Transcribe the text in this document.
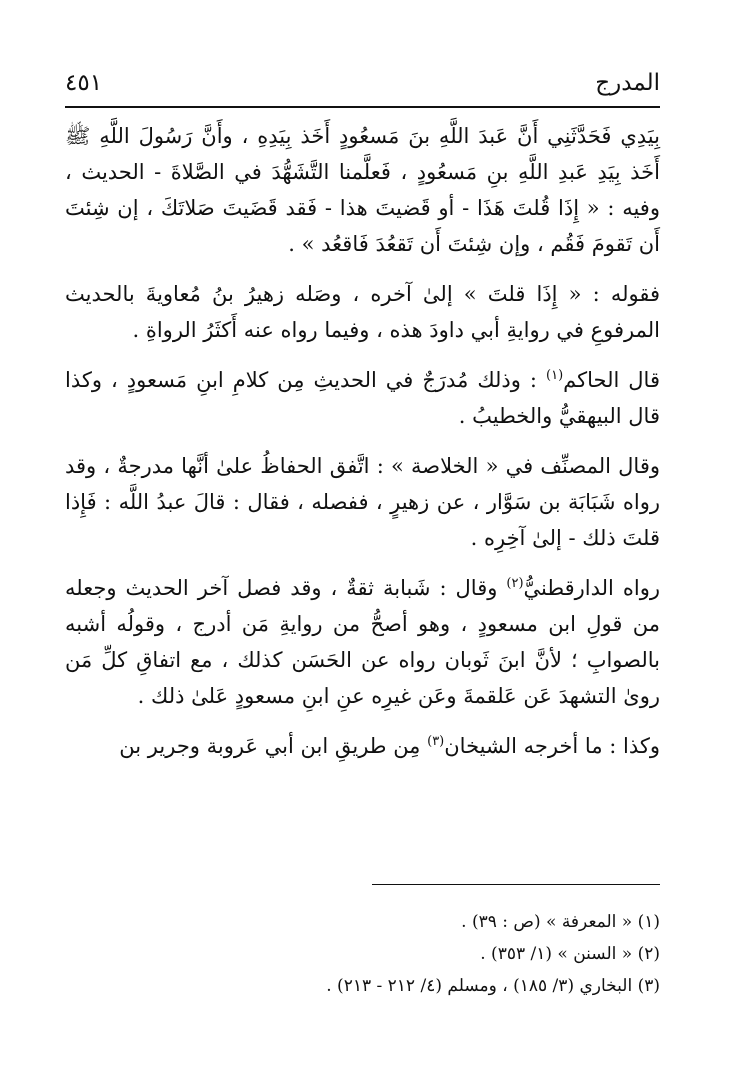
المدرج
٤٥١

بِيَدِي فَحَدَّثَنِي أَنَّ عَبدَ اللَّهِ بنَ مَسعُودٍ أَخَذ بِيَدِهِ ، وأَنَّ رَسُولَ اللَّهِ ﷺ أَخَذ بِيَدِ عَبدِ اللَّهِ بنِ مَسعُودٍ ، فَعلَّمنا التَّشَهُّدَ في الصَّلاةَ - الحديث ، وفيه : « إِذَا قُلتَ هَذَا - أو قَضيتَ هذا - فَقد قَضَيتَ صَلاتَكَ ، إن شِئتَ أَن تَقومَ فَقُم ، وإن شِئتَ أَن تَقعُدَ فَاقعُد » .

فقوله : « إِذَا قلتَ » إلىٰ آخره ، وصَله زهيرُ بنُ مُعاويةَ بالحديث المرفوعِ في روايةِ أبي داودَ هذه ، وفيما رواه عنه أَكثَرُ الرواةِ .

قال الحاكم$^{(١)}$ : وذلك مُدرَجٌ في الحديثِ مِن كلامِ ابنِ مَسعودٍ ، وكذا قال البيهقيُّ والخطيبُ .

وقال المصنِّف في « الخلاصة » : اتَّفق الحفاظُ علىٰ أنَّها مدرجةٌ ، وقد رواه شَبَابَة بن سَوَّار ، عن زهيرٍ ، ففصله ، فقال : قالَ عبدُ اللَّه : فَإِذا قلتَ ذلك - إلىٰ آخِرِه .

رواه الدارقطنيُّ$^{(٢)}$ وقال : شَبابة ثقةٌ ، وقد فصل آخر الحديث وجعله من قولِ ابن مسعودٍ ، وهو أصحُّ من روايةِ مَن أدرج ، وقولُه أشبه بالصوابِ ؛ لأنَّ ابنَ ثَوبان رواه عن الحَسَن كذلك ، مع اتفاقِ كلِّ مَن روىٰ التشهدَ عَن عَلقمةَ وعَن غيرِه عنِ ابنِ مسعودٍ عَلىٰ ذلك .

وكذا : ما أخرجه الشيخان$^{(٣)}$ مِن طريقِ ابن أبي عَروبة وجرير بن

(١) « المعرفة » (ص : ٣٩) .

(٢) « السنن » (١/ ٣٥٣) .

(٣) البخاري (٣/ ١٨٥) ، ومسلم (٤/ ٢١٢ - ٢١٣) .
